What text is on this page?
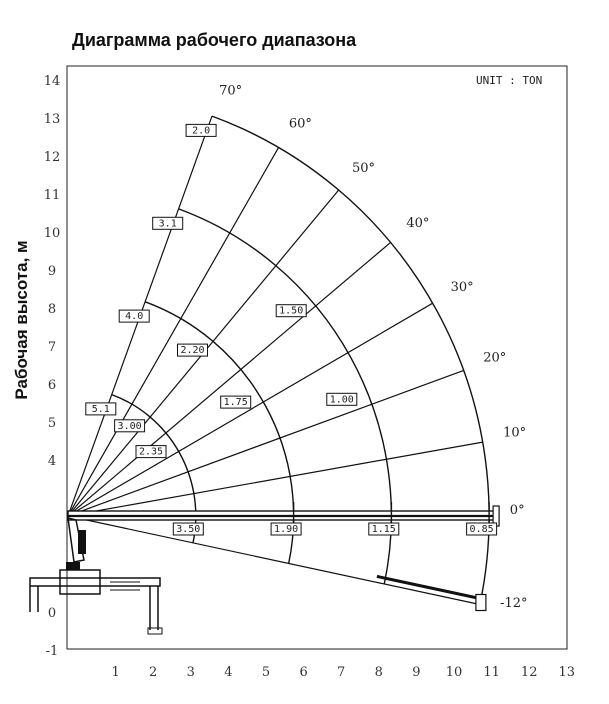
Диаграмма рабочего диапазона
Рабочая высота, м
UNIT : TON
1 2 3 4 5 6 7 8 9 10 11 12 13
-1
0
4
5
6
7
8
9
10
11
12
13
14
70°
60°
50°
40°
30°
20°
10°
0°
-12°
2.0
3.1
4.0
5.1
2.20
3.00
1.50
1.75
2.35
1.00
3.50	1.90	1.15	0.85
